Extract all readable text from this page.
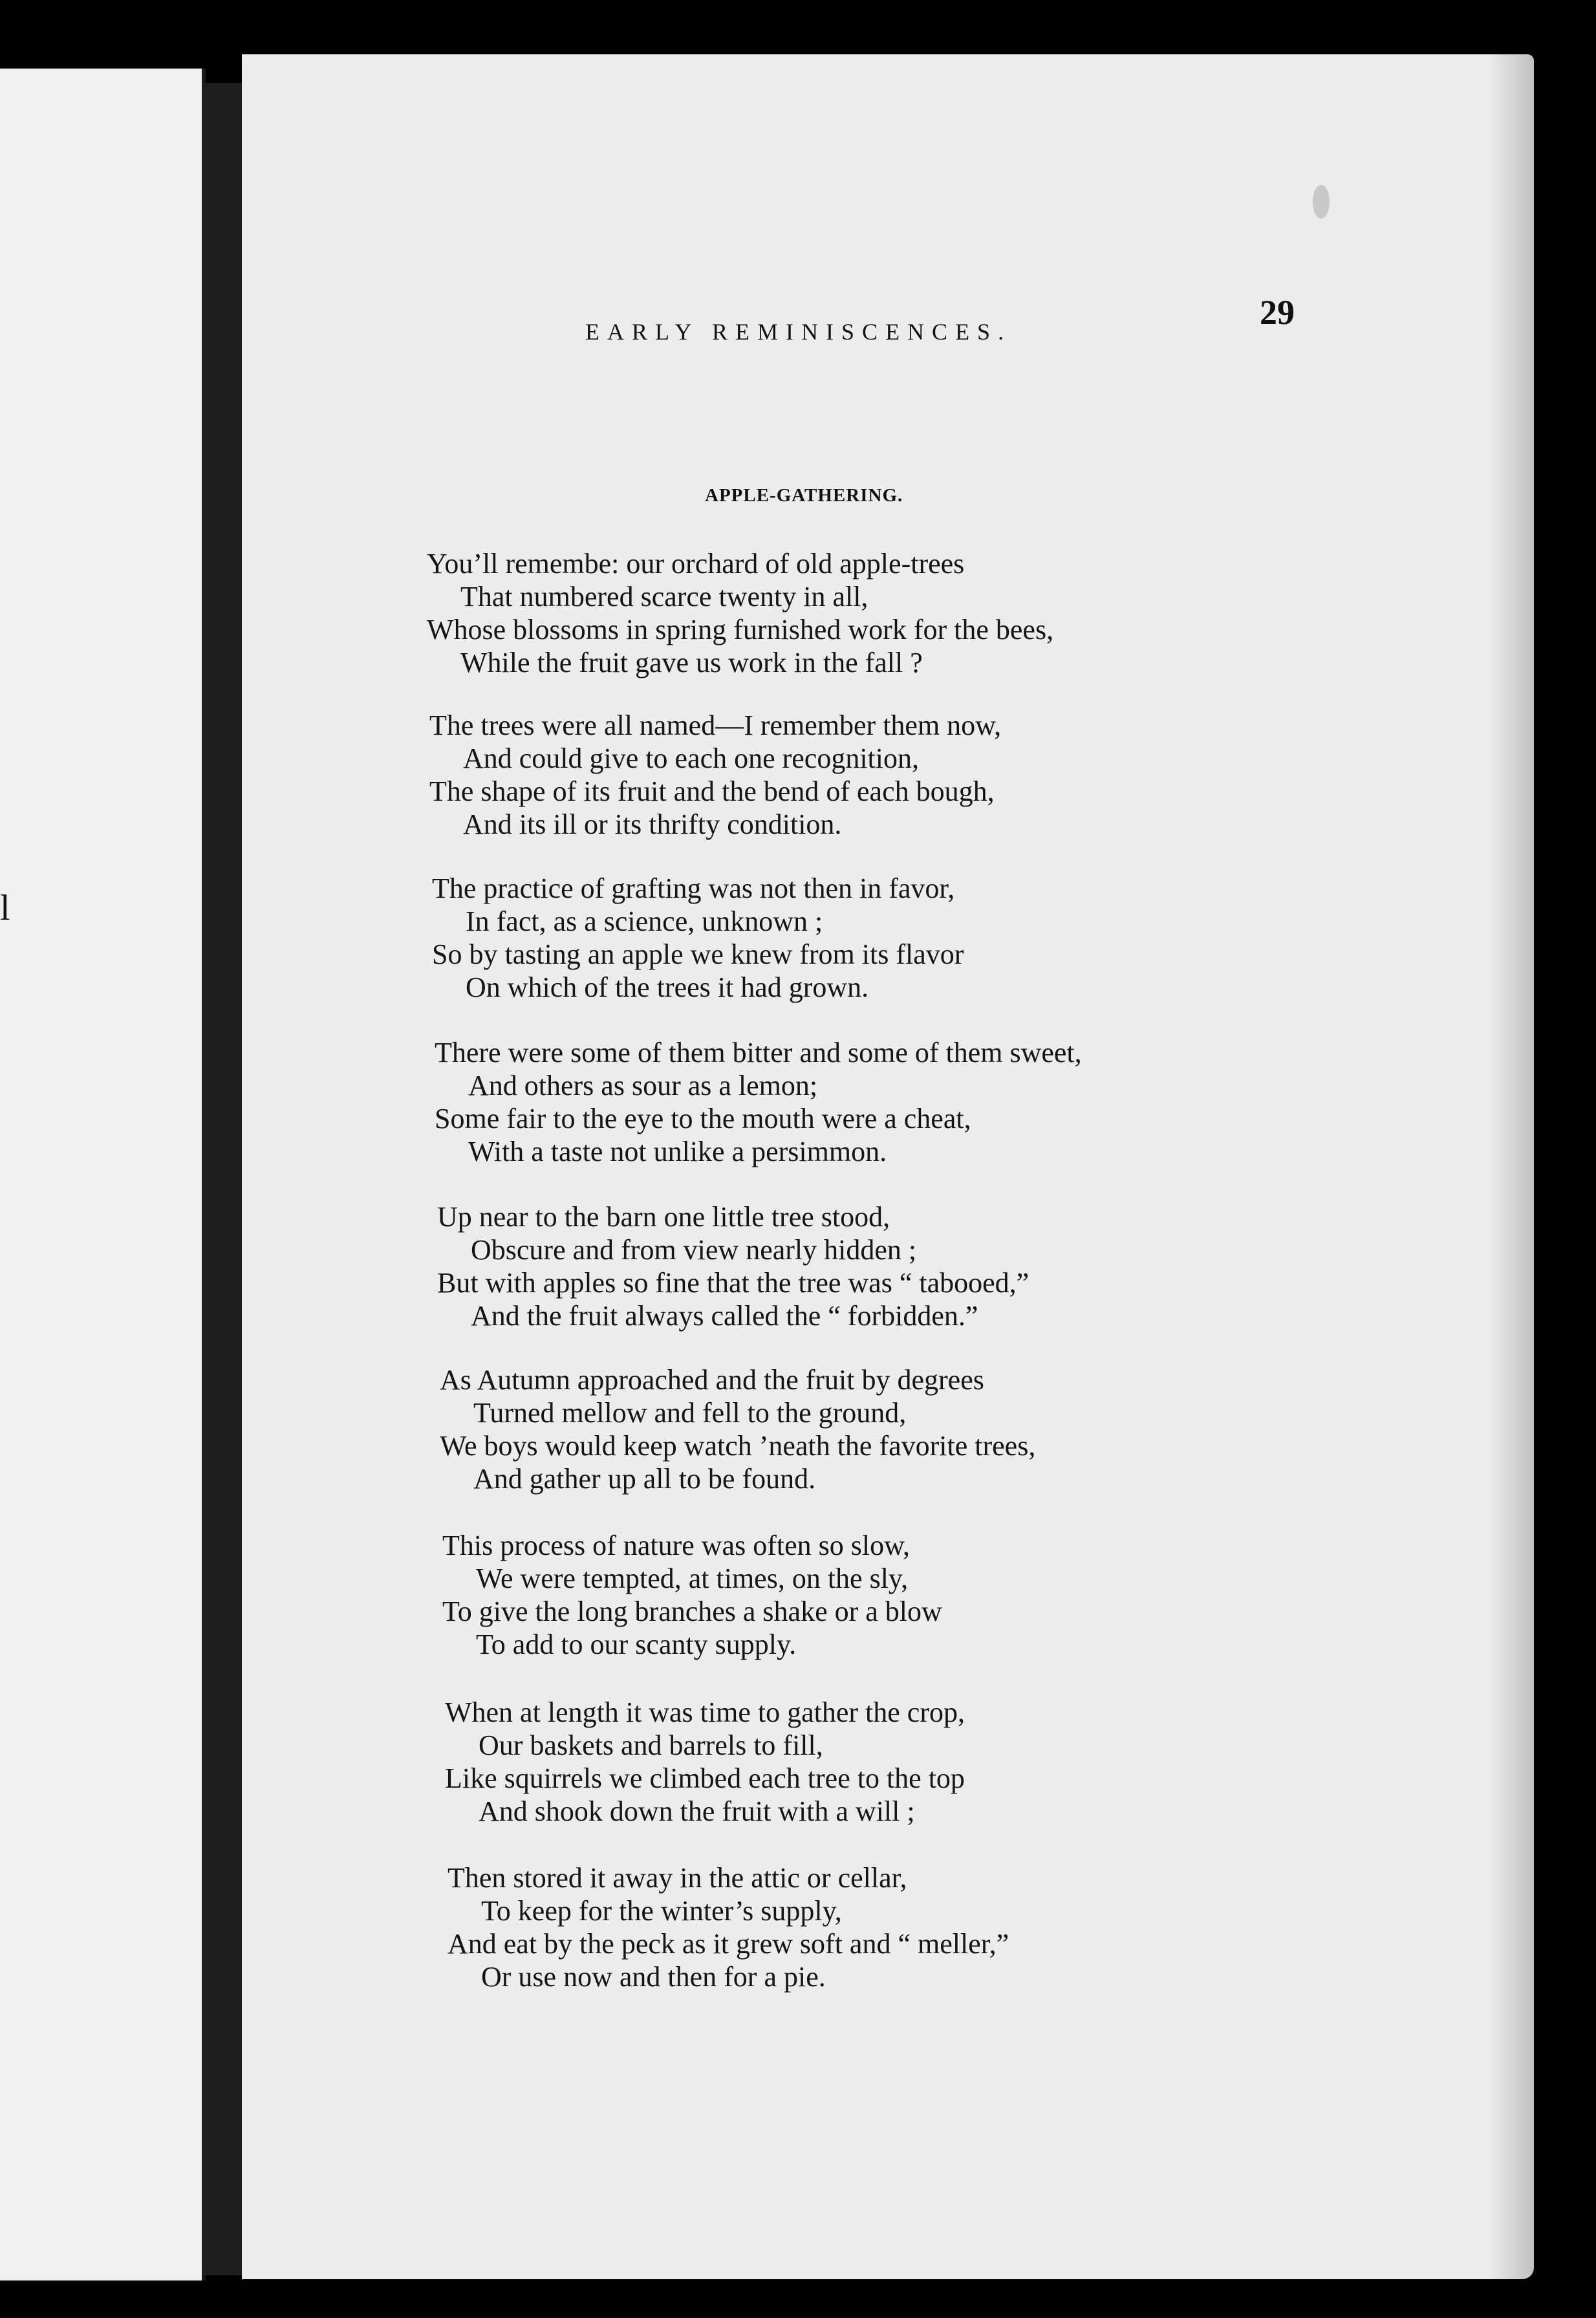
l
EARLY REMINISCENCES.	29
APPLE-GATHERING.
You’ll remembe: our orchard of old apple-trees
That numbered scarce twenty in all,
Whose blossoms in spring furnished work for the bees,
While the fruit gave us work in the fall ?
The trees were all named—I remember them now,
And could give to each one recognition,
The shape of its fruit and the bend of each bough,
And its ill or its thrifty condition.
The practice of grafting was not then in favor,
In fact, as a science, unknown ;
So by tasting an apple we knew from its flavor
On which of the trees it had grown.
There were some of them bitter and some of them sweet,
And others as sour as a lemon;
Some fair to the eye to the mouth were a cheat,
With a taste not unlike a persimmon.
Up near to the barn one little tree stood,
Obscure and from view nearly hidden ;
But with apples so fine that the tree was “ tabooed,”
And the fruit always called the “ forbidden.”
As Autumn approached and the fruit by degrees
Turned mellow and fell to the ground,
We boys would keep watch ’neath the favorite trees,
And gather up all to be found.
This process of nature was often so slow,
We were tempted, at times, on the sly,
To give the long branches a shake or a blow
To add to our scanty supply.
When at length it was time to gather the crop,
Our baskets and barrels to fill,
Like squirrels we climbed each tree to the top
And shook down the fruit with a will ;
Then stored it away in the attic or cellar,
To keep for the winter’s supply,
And eat by the peck as it grew soft and “ meller,”
Or use now and then for a pie.
